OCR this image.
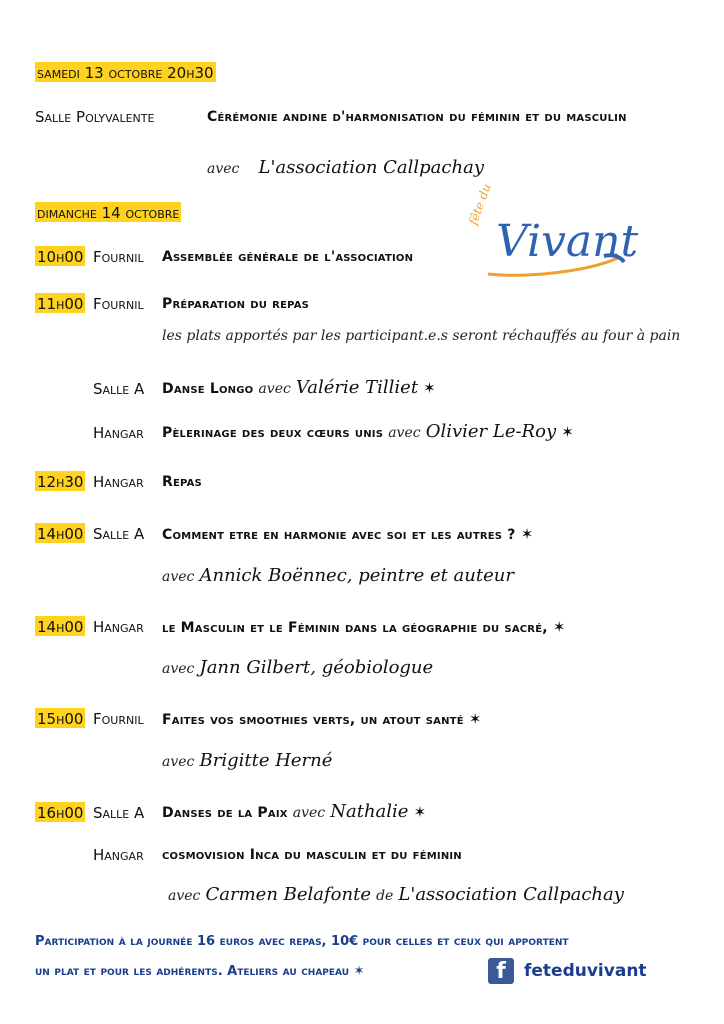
samedi 13 octobre 20h30
Salle Polyvalente	Cérémonie andine d'harmonisation du féminin et du masculin
avec L'association Callpachay
dimanche 14 octobre	fête du
Vivant
10h00 Fournil Assemblée générale de l'association
11h00 Fournil Préparation du repas
les plats apportés par les participant.e.s seront réchauffés au four à pain
Salle A Danse Longo avec Valérie Tilliet ✶
Hangar Pèlerinage des deux cœurs unis avec Olivier Le-Roy ✶
12h30 Hangar Repas
14h00 Salle A Comment etre en harmonie avec soi et les autres ? ✶
avec Annick Boënnec, peintre et auteur
14h00 Hangar le Masculin et le Féminin dans la géographie du sacré, ✶
avec Jann Gilbert, géobiologue
15h00 Fournil Faites vos smoothies verts, un atout santé ✶
avec Brigitte Herné
16h00 Salle A Danses de la Paix avec Nathalie ✶
Hangar cosmovision Inca du masculin et du féminin
avec Carmen Belafonte de L'association Callpachay
Participation à la journée 16 euros avec repas, 10€ pour celles et ceux qui apportent
un plat et pour les adhérents. Ateliers au chapeau ✶	f	feteduvivant
